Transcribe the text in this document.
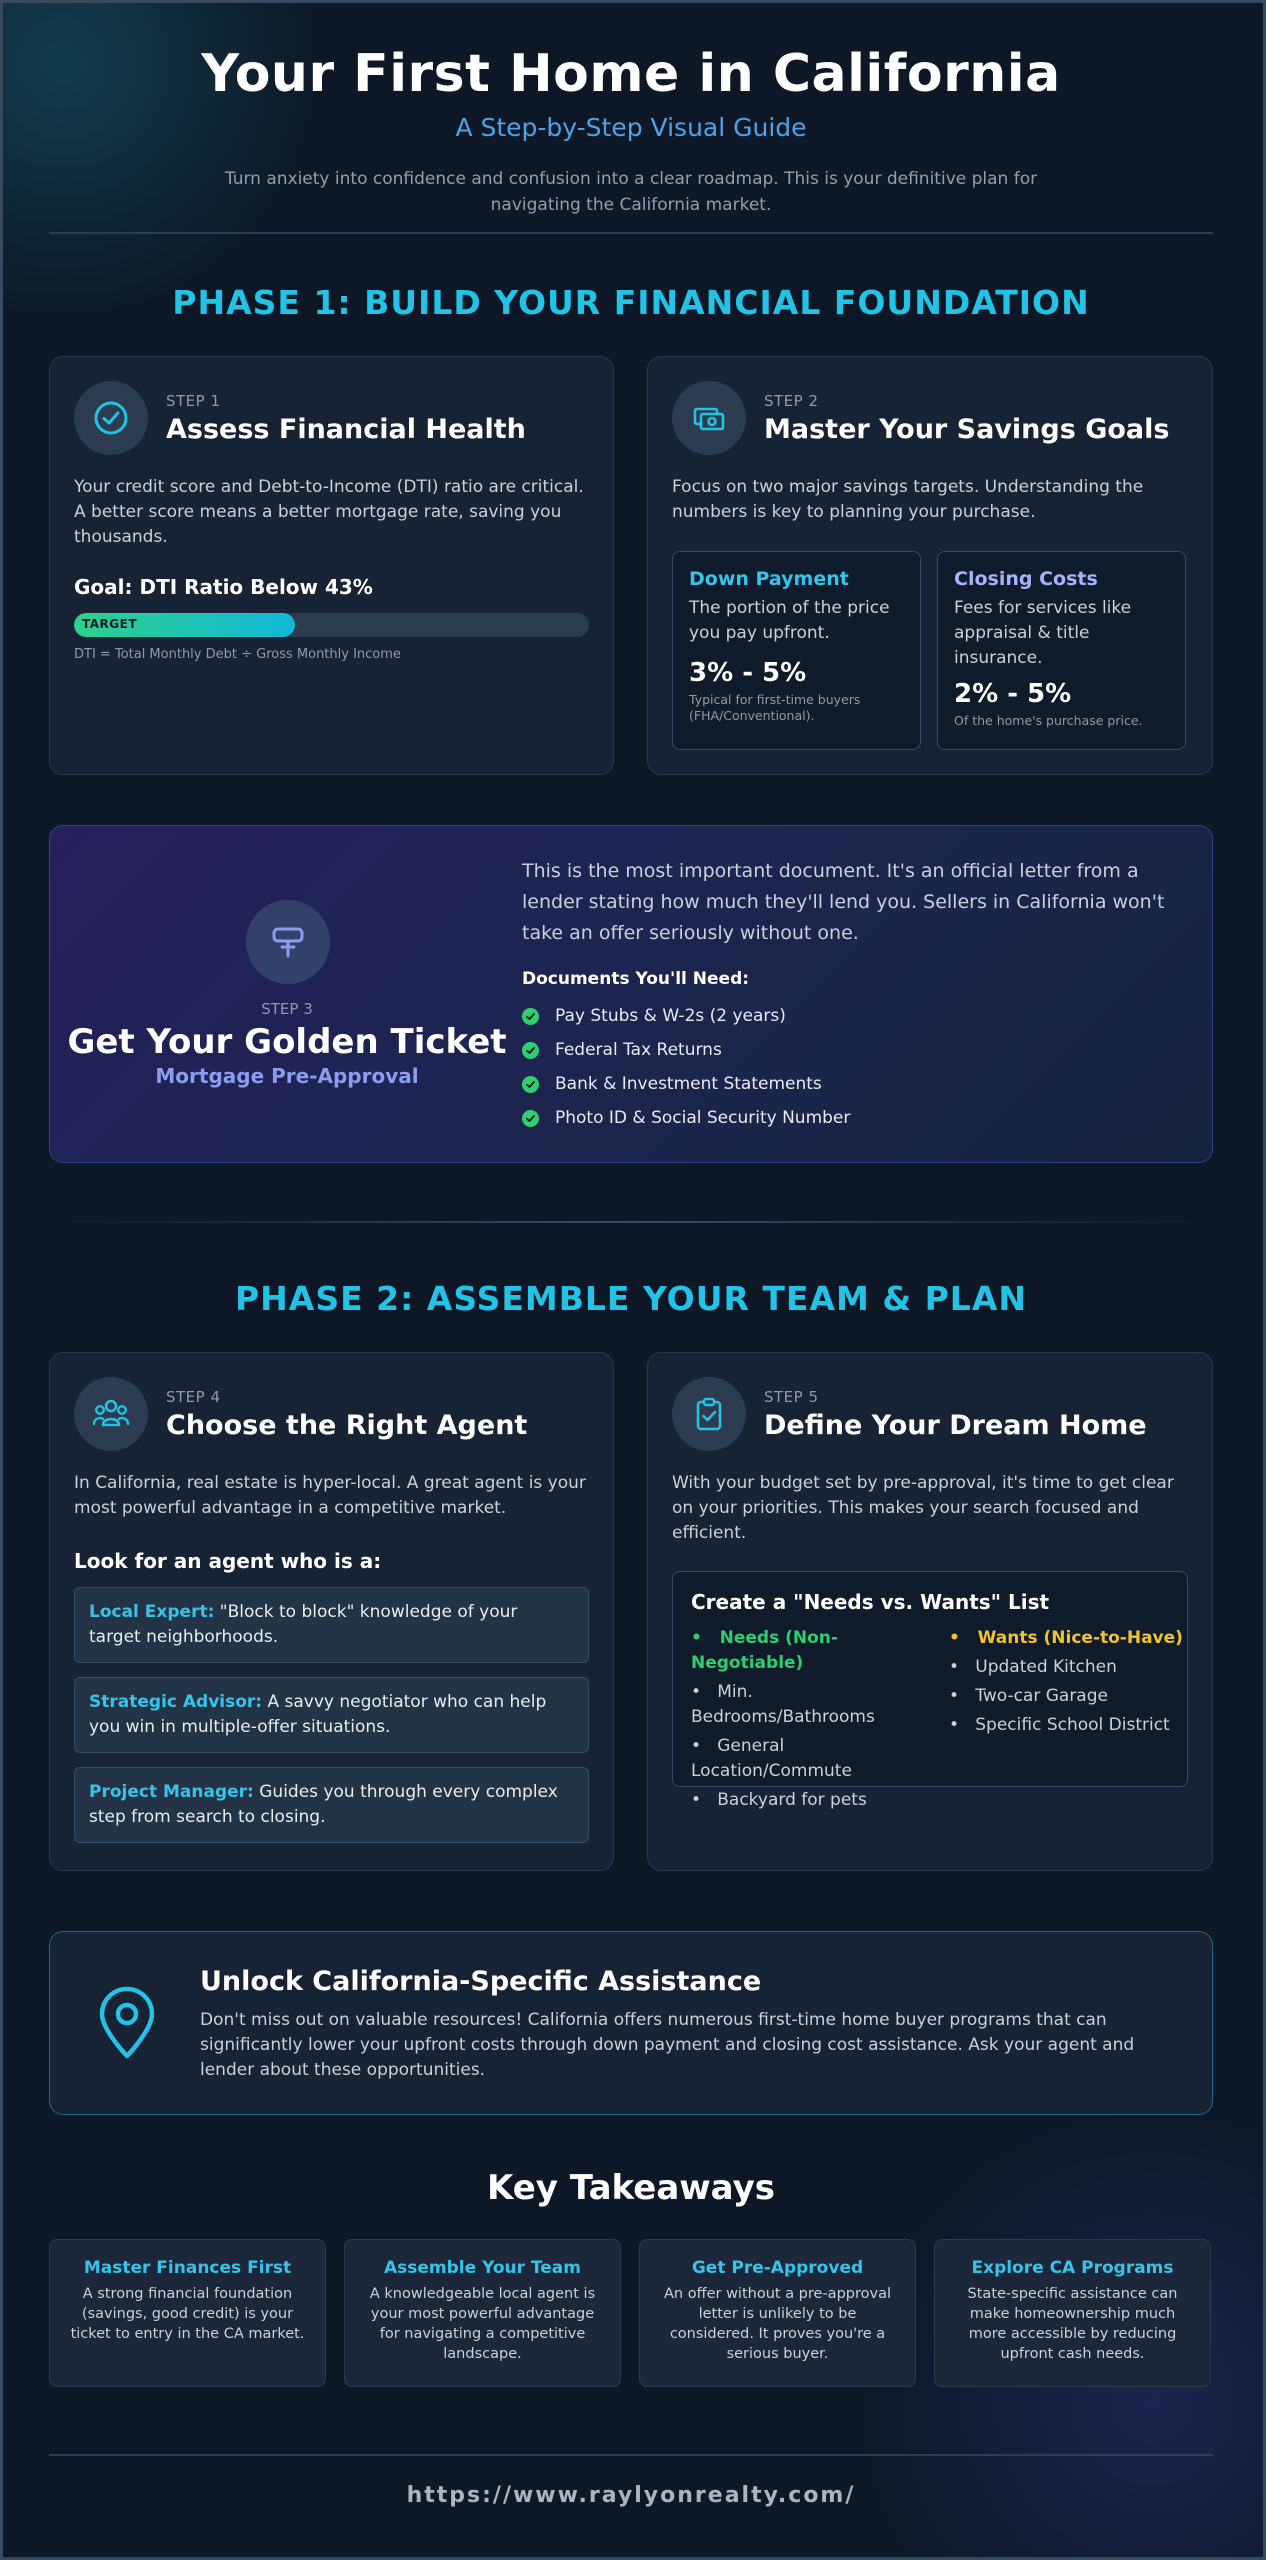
Your First Home in California
A Step-by-Step Visual Guide
Turn anxiety into confidence and confusion into a clear roadmap. This is your definitive plan for navigating the California market.
PHASE 1: BUILD YOUR FINANCIAL FOUNDATION
STEP 1
Assess Financial Health
Your credit score and Debt-to-Income (DTI) ratio are critical. A better score means a better mortgage rate, saving you thousands.
Goal: DTI Ratio Below 43%
TARGET
DTI = Total Monthly Debt ÷ Gross Monthly Income
STEP 2
Master Your Savings Goals
Focus on two major savings targets. Understanding the numbers is key to planning your purchase.
Down Payment
The portion of the price you pay upfront.
3% - 5%
Typical for first-time buyers (FHA/Conventional).
Closing Costs
Fees for services like appraisal & title insurance.
2% - 5%
Of the home's purchase price.
STEP 3
Get Your Golden Ticket
Mortgage Pre-Approval
This is the most important document. It's an official letter from a lender stating how much they'll lend you. Sellers in California won't take an offer seriously without one.
Documents You'll Need:
Pay Stubs & W-2s (2 years)
Federal Tax Returns
Bank & Investment Statements
Photo ID & Social Security Number
PHASE 2: ASSEMBLE YOUR TEAM & PLAN
STEP 4
Choose the Right Agent
In California, real estate is hyper-local. A great agent is your most powerful advantage in a competitive market.
Look for an agent who is a:
Local Expert: "Block to block" knowledge of your target neighborhoods.
Strategic Advisor: A savvy negotiator who can help you win in multiple-offer situations.
Project Manager: Guides you through every complex step from search to closing.
STEP 5
Define Your Dream Home
With your budget set by pre-approval, it's time to get clear on your priorities. This makes your search focused and efficient.
Create a "Needs vs. Wants" List
•   Needs (Non-Negotiable)
•   Min. Bedrooms/Bathrooms
•   General Location/Commute
•   Backyard for pets
•   Wants (Nice-to-Have)
•   Updated Kitchen
•   Two-car Garage
•   Specific School District
Unlock California-Specific Assistance
Don't miss out on valuable resources! California offers numerous first-time home buyer programs that can significantly lower your upfront costs through down payment and closing cost assistance. Ask your agent and lender about these opportunities.
Key Takeaways
Master Finances First
A strong financial foundation (savings, good credit) is your ticket to entry in the CA market.
Assemble Your Team
A knowledgeable local agent is your most powerful advantage for navigating a competitive landscape.
Get Pre-Approved
An offer without a pre-approval letter is unlikely to be considered. It proves you're a serious buyer.
Explore CA Programs
State-specific assistance can make homeownership much more accessible by reducing upfront cash needs.
https://www.raylyonrealty.com/
